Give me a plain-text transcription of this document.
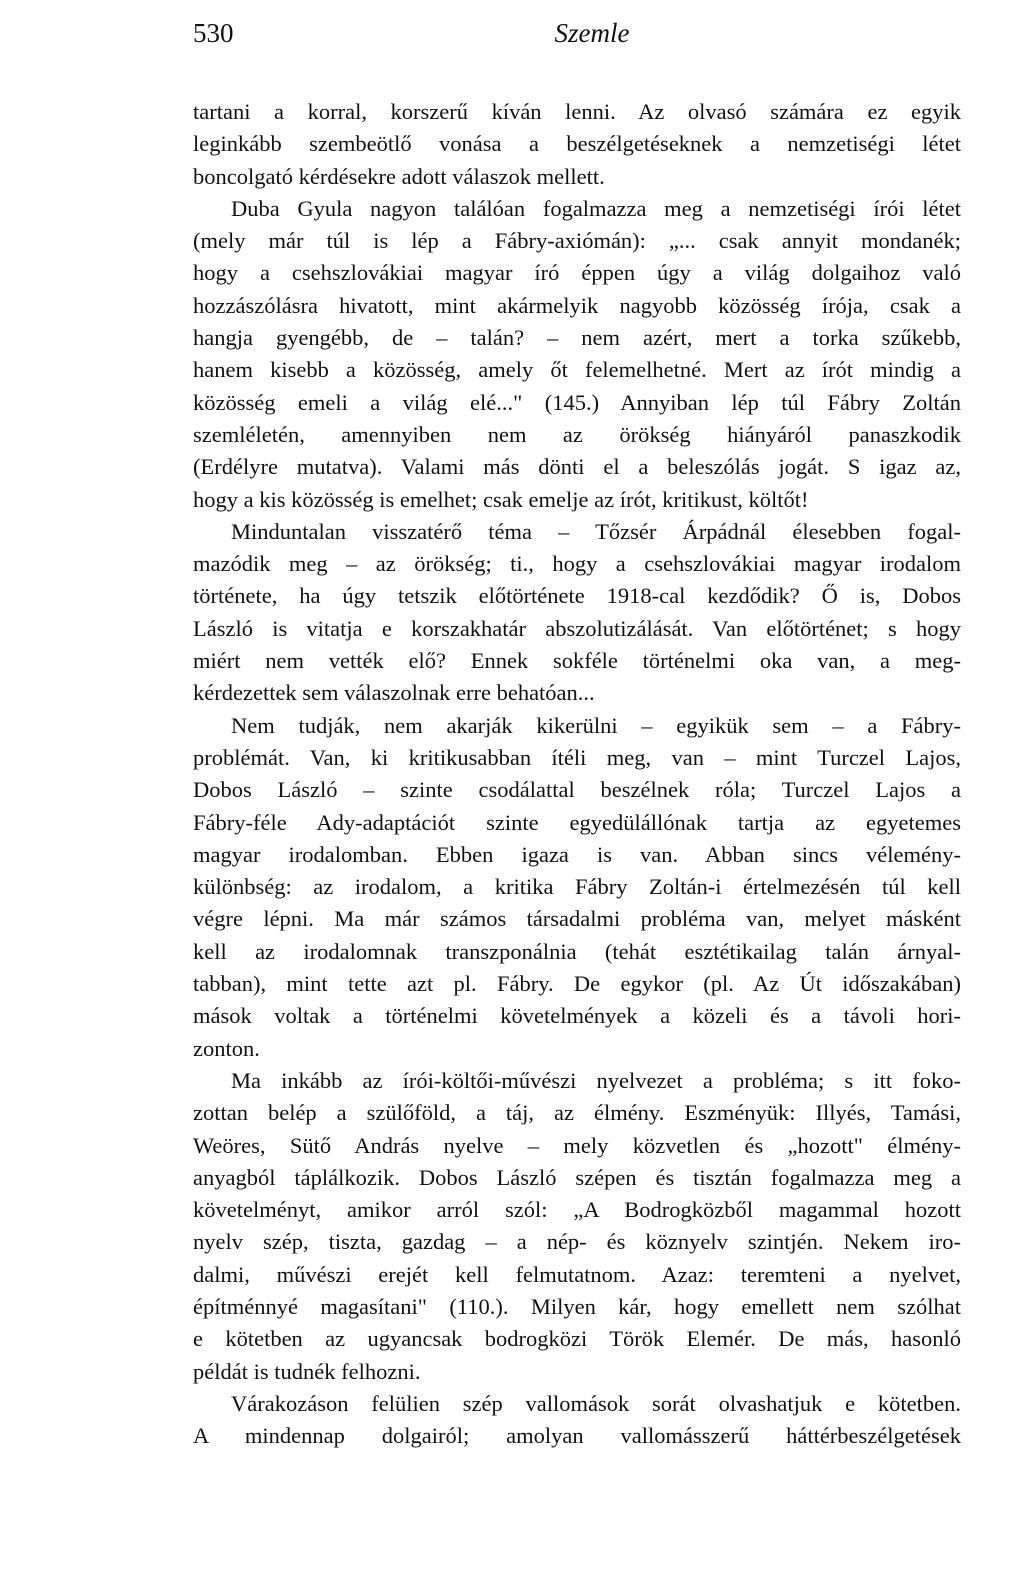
530	Szemle
tartani a korral, korszerű kíván lenni. Az olvasó számára ez egyik
leginkább szembeötlő vonása a beszélgetéseknek a nemzetiségi létet
boncolgató kérdésekre adott válaszok mellett.
Duba Gyula nagyon találóan fogalmazza meg a nemzetiségi írói létet
(mely már túl is lép a Fábry-axiómán): „... csak annyit mondanék;
hogy a csehszlovákiai magyar író éppen úgy a világ dolgaihoz való
hozzászólásra hivatott, mint akármelyik nagyobb közösség írója, csak a
hangja gyengébb, de – talán? – nem azért, mert a torka szűkebb,
hanem kisebb a közösség, amely őt felemelhetné. Mert az írót mindig a
közösség emeli a világ elé..." (145.) Annyiban lép túl Fábry Zoltán
szemléletén, amennyiben nem az örökség hiányáról panaszkodik
(Erdélyre mutatva). Valami más dönti el a beleszólás jogát. S igaz az,
hogy a kis közösség is emelhet; csak emelje az írót, kritikust, költőt!
Minduntalan visszatérő téma – Tőzsér Árpádnál élesebben fogal-
mazódik meg – az örökség; ti., hogy a csehszlovákiai magyar irodalom
története, ha úgy tetszik előtörténete 1918-cal kezdődik? Ő is, Dobos
László is vitatja e korszakhatár abszolutizálását. Van előtörténet; s hogy
miért nem vették elő? Ennek sokféle történelmi oka van, a meg-
kérdezettek sem válaszolnak erre behatóan...
Nem tudják, nem akarják kikerülni – egyikük sem – a Fábry-
problémát. Van, ki kritikusabban ítéli meg, van – mint Turczel Lajos,
Dobos László – szinte csodálattal beszélnek róla; Turczel Lajos a
Fábry-féle Ady-adaptációt szinte egyedülállónak tartja az egyetemes
magyar irodalomban. Ebben igaza is van. Abban sincs vélemény-
különbség: az irodalom, a kritika Fábry Zoltán-i értelmezésén túl kell
végre lépni. Ma már számos társadalmi probléma van, melyet másként
kell az irodalomnak transzponálnia (tehát esztétikailag talán árnyal-
tabban), mint tette azt pl. Fábry. De egykor (pl. Az Út időszakában)
mások voltak a történelmi követelmények a közeli és a távoli hori-
zonton.
Ma inkább az írói-költői-művészi nyelvezet a probléma; s itt foko-
zottan belép a szülőföld, a táj, az élmény. Eszményük: Illyés, Tamási,
Weöres, Sütő András nyelve – mely közvetlen és „hozott" élmény-
anyagból táplálkozik. Dobos László szépen és tisztán fogalmazza meg a
követelményt, amikor arról szól: „A Bodrogközből magammal hozott
nyelv szép, tiszta, gazdag – a nép- és köznyelv szintjén. Nekem iro-
dalmi, művészi erejét kell felmutatnom. Azaz: teremteni a nyelvet,
építménnyé magasítani" (110.). Milyen kár, hogy emellett nem szólhat
e kötetben az ugyancsak bodrogközi Török Elemér. De más, hasonló
példát is tudnék felhozni.
Várakozáson felülien szép vallomások sorát olvashatjuk e kötetben.
A mindennap dolgairól; amolyan vallomásszerű háttérbeszélgetések
